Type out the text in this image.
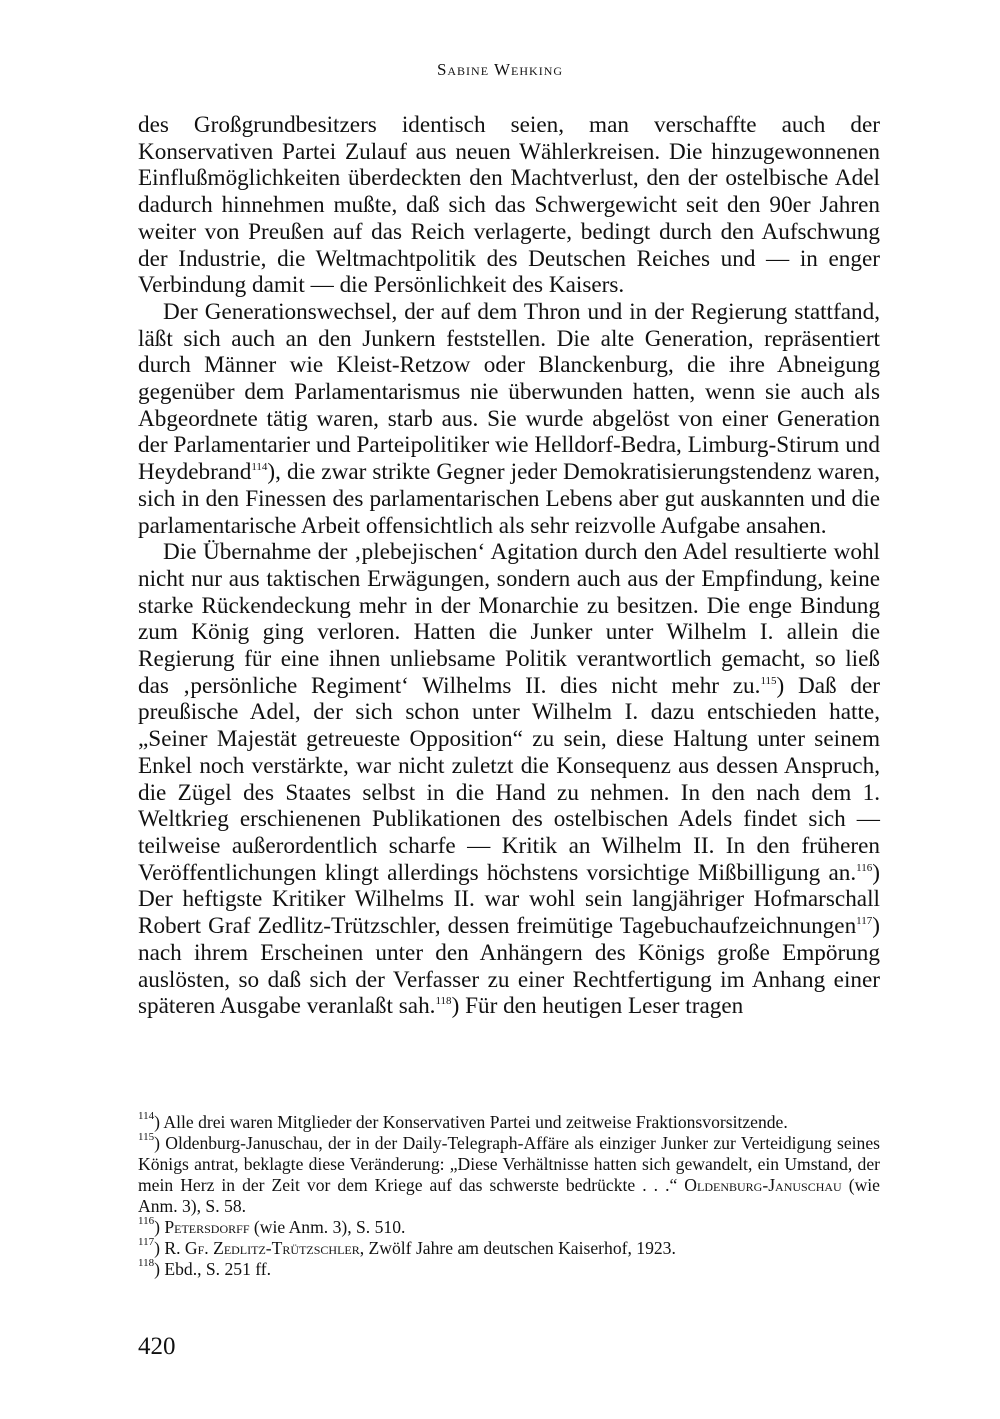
Sabine Wehking

des Großgrundbesitzers identisch seien, man verschaffte auch der Konservativen Partei Zulauf aus neuen Wählerkreisen. Die hinzugewonnenen Einflußmöglichkeiten überdeckten den Machtverlust, den der ostelbische Adel dadurch hinnehmen mußte, daß sich das Schwergewicht seit den 90er Jahren weiter von Preußen auf das Reich verlagerte, bedingt durch den Aufschwung der Industrie, die Weltmachtpolitik des Deutschen Reiches und — in enger Verbindung damit — die Persönlichkeit des Kaisers.

Der Generationswechsel, der auf dem Thron und in der Regierung stattfand, läßt sich auch an den Junkern feststellen. Die alte Generation, repräsentiert durch Männer wie Kleist-Retzow oder Blanckenburg, die ihre Abneigung gegenüber dem Parlamentarismus nie überwunden hatten, wenn sie auch als Abgeordnete tätig waren, starb aus. Sie wurde abgelöst von einer Generation der Parlamentarier und Parteipolitiker wie Helldorf-Bedra, Limburg-Stirum und Heydebrand$^{114}$), die zwar strikte Gegner jeder Demokratisierungstendenz waren, sich in den Finessen des parlamentarischen Lebens aber gut auskannten und die parlamentarische Arbeit offensichtlich als sehr reizvolle Aufgabe ansahen.

Die Übernahme der ‚plebejischen‘ Agitation durch den Adel resultierte wohl nicht nur aus taktischen Erwägungen, sondern auch aus der Empfindung, keine starke Rückendeckung mehr in der Monarchie zu besitzen. Die enge Bindung zum König ging verloren. Hatten die Junker unter Wilhelm I. allein die Regierung für eine ihnen unliebsame Politik verantwortlich gemacht, so ließ das ‚persönliche Regiment‘ Wilhelms II. dies nicht mehr zu.$^{115}$) Daß der preußische Adel, der sich schon unter Wilhelm I. dazu entschieden hatte, „Seiner Majestät getreueste Opposition“ zu sein, diese Haltung unter seinem Enkel noch verstärkte, war nicht zuletzt die Konsequenz aus dessen Anspruch, die Zügel des Staates selbst in die Hand zu nehmen. In den nach dem 1. Weltkrieg erschienenen Publikationen des ostelbischen Adels findet sich — teilweise außerordentlich scharfe — Kritik an Wilhelm II. In den früheren Veröffentlichungen klingt allerdings höchstens vorsichtige Mißbilligung an.$^{116}$) Der heftigste Kritiker Wilhelms II. war wohl sein langjähriger Hofmarschall Robert Graf Zedlitz-Trützschler, dessen freimütige Tagebuchaufzeichnungen$^{117}$) nach ihrem Erscheinen unter den Anhängern des Königs große Empörung auslösten, so daß sich der Verfasser zu einer Rechtfertigung im Anhang einer späteren Ausgabe veranlaßt sah.$^{118}$) Für den heutigen Leser tragen

$^{114}$) Alle drei waren Mitglieder der Konservativen Partei und zeitweise Fraktionsvorsitzende.

$^{115}$) Oldenburg-Januschau, der in der Daily-Telegraph-Affäre als einziger Junker zur Verteidigung seines Königs antrat, beklagte diese Veränderung: „Diese Verhältnisse hatten sich gewandelt, ein Umstand, der mein Herz in der Zeit vor dem Kriege auf das schwerste bedrückte . . .“ Oldenburg-Januschau (wie Anm. 3), S. 58.

$^{116}$) Petersdorff (wie Anm. 3), S. 510.

$^{117}$) R. Gf. Zedlitz-Trützschler, Zwölf Jahre am deutschen Kaiserhof, 1923.

$^{118}$) Ebd., S. 251 ff.

420
